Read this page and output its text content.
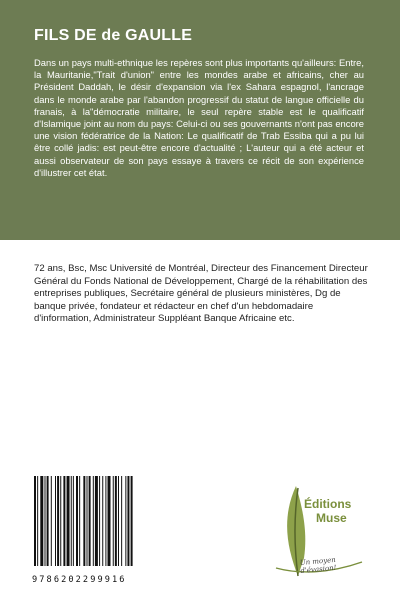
FILS DE de GAULLE

Dans un pays multi-ethnique les repères sont plus importants qu'ailleurs: Entre, la Mauritanie,"Trait d'union" entre les mondes arabe et africains, cher au Président Daddah, le désir d'expansion via l'ex Sahara espagnol, l'ancrage dans le monde arabe par l'abandon progressif du statut de langue officielle du franais, à la"démocratie militaire, le seul repère stable est le qualificatif d'Islamique joint au nom du pays: Celui-ci ou ses gouvernants n'ont pas encore une vision fédératrice de la Nation: Le qualificatif de Trab Essiba qui a pu lui être collé jadis: est peut-être encore d'actualité ; L'auteur qui a été acteur et aussi observateur de son pays essaye à travers ce récit de son expérience d'illustrer cet état.

72 ans, Bsc, Msc Université de Montréal, Directeur des Financement Directeur Général du Fonds National de Développement, Chargé de la réhabilitation des entreprises publiques, Secrétaire général de plusieurs ministères, Dg de banque privée, fondateur et rédacteur en chef d'un hebdomadaire d'information, Administrateur Suppléant Banque Africaine etc.

9786202299916
Éditions
Muse
Un moyen d'évasion!
